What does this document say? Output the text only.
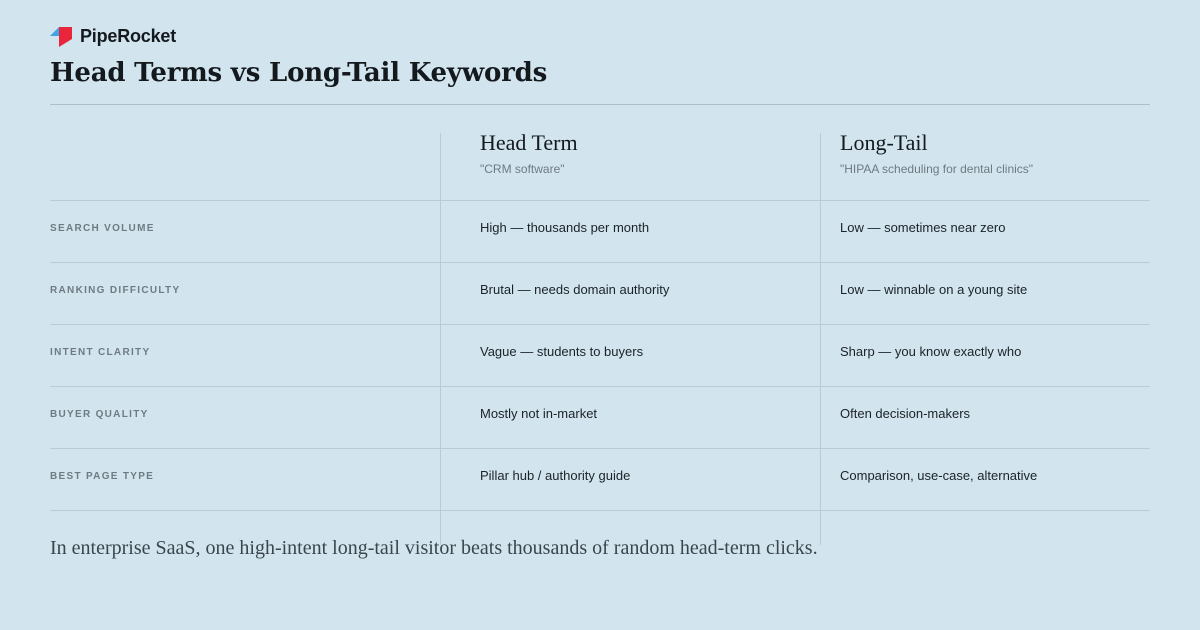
PipeRocket
Head Terms vs Long-Tail Keywords
Head Term
"CRM software"
Long-Tail
"HIPAA scheduling for dental clinics"
SEARCH VOLUME	High — thousands per month	Low — sometimes near zero
RANKING DIFFICULTY	Brutal — needs domain authority	Low — winnable on a young site
INTENT CLARITY	Vague — students to buyers	Sharp — you know exactly who
BUYER QUALITY	Mostly not in-market	Often decision-makers
BEST PAGE TYPE	Pillar hub / authority guide	Comparison, use-case, alternative
In enterprise SaaS, one high-intent long-tail visitor beats thousands of random head-term clicks.
